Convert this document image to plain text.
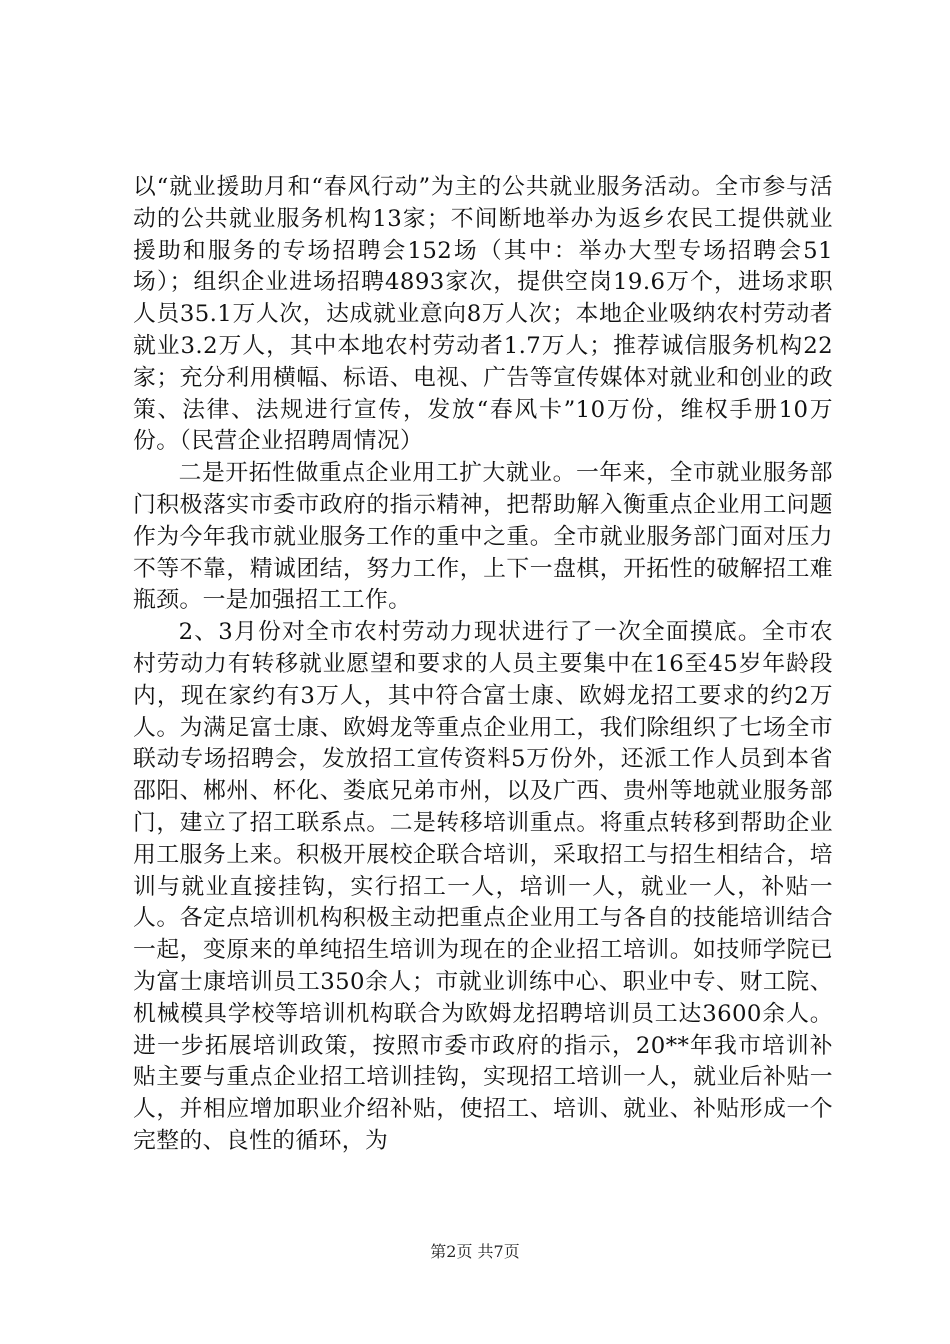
以“就业援助月和“春风行动”为主的公共就业服务活动。全市参与活动的公共就业服务机构13家；不间断地举办为返乡农民工提供就业援助和服务的专场招聘会152场（其中：举办大型专场招聘会51场）；组织企业进场招聘4893家次，提供空岗19.6万个，进场求职人员35.1万人次，达成就业意向8万人次；本地企业吸纳农村劳动者就业3.2万人，其中本地农村劳动者1.7万人；推荐诚信服务机构22家；充分利用横幅、标语、电视、广告等宣传媒体对就业和创业的政策、法律、法规进行宣传，发放“春风卡”10万份，维权手册10万份。（民营企业招聘周情况）

二是开拓性做重点企业用工扩大就业。一年来，全市就业服务部门积极落实市委市政府的指示精神，把帮助解入衡重点企业用工问题作为今年我市就业服务工作的重中之重。全市就业服务部门面对压力不等不靠，精诚团结，努力工作，上下一盘棋，开拓性的破解招工难瓶颈。一是加强招工工作。

2、3月份对全市农村劳动力现状进行了一次全面摸底。全市农村劳动力有转移就业愿望和要求的人员主要集中在16至45岁年龄段内，现在家约有3万人，其中符合富士康、欧姆龙招工要求的约2万人。为满足富士康、欧姆龙等重点企业用工，我们除组织了七场全市联动专场招聘会，发放招工宣传资料5万份外，还派工作人员到本省邵阳、郴州、杯化、娄底兄弟市州，以及广西、贵州等地就业服务部门，建立了招工联系点。二是转移培训重点。将重点转移到帮助企业用工服务上来。积极开展校企联合培训，采取招工与招生相结合，培训与就业直接挂钩，实行招工一人，培训一人，就业一人，补贴一人。各定点培训机构积极主动把重点企业用工与各自的技能培训结合一起，变原来的单纯招生培训为现在的企业招工培训。如技师学院已为富士康培训员工350余人；市就业训练中心、职业中专、财工院、机械模具学校等培训机构联合为欧姆龙招聘培训员工达3600余人。进一步拓展培训政策，按照市委市政府的指示，20**年我市培训补贴主要与重点企业招工培训挂钩，实现招工培训一人，就业后补贴一人，并相应增加职业介绍补贴，使招工、培训、就业、补贴形成一个完整的、良性的循环，为

第2页 共7页
